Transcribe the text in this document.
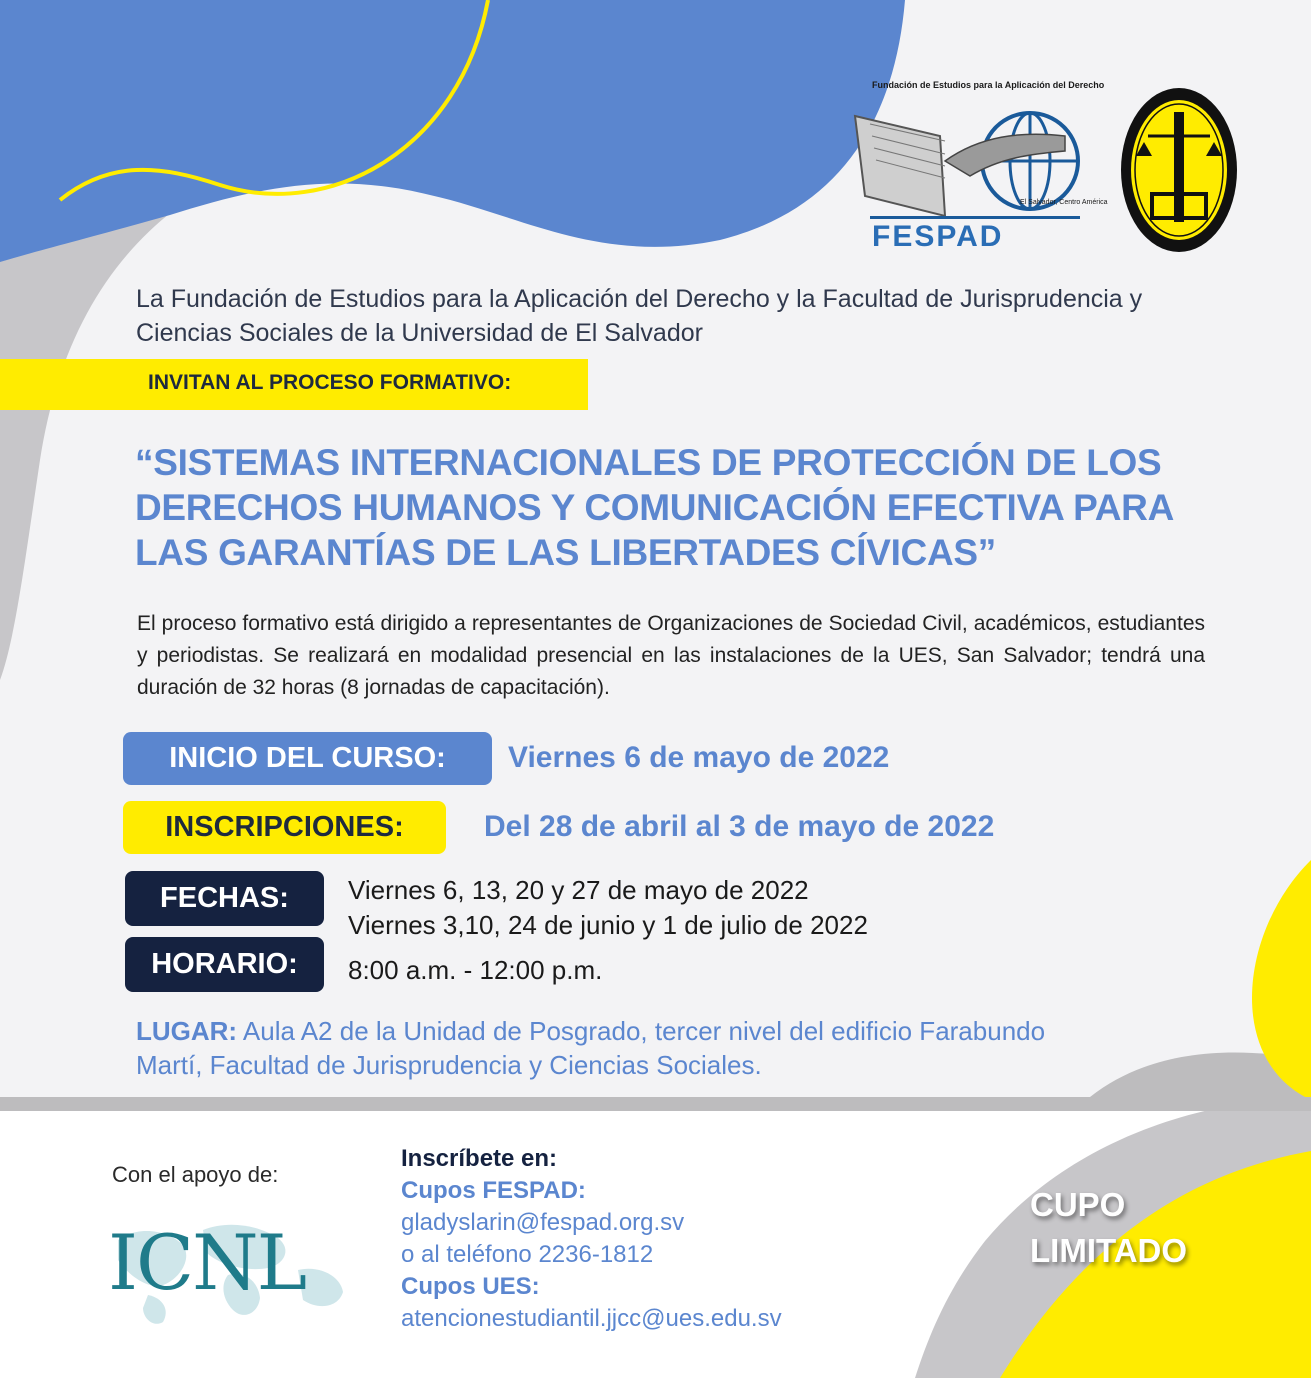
Fundación de Estudios para la Aplicación del Derecho
El Salvador, Centro América
FESPAD
JUSTICIA
La Fundación de Estudios para la Aplicación del Derecho y la Facultad de Jurisprudencia y Ciencias Sociales de la Universidad de El Salvador
INVITAN AL PROCESO FORMATIVO:
“SISTEMAS INTERNACIONALES DE PROTECCIÓN DE LOS DERECHOS HUMANOS Y COMUNICACIÓN EFECTIVA PARA LAS GARANTÍAS DE LAS LIBERTADES CÍVICAS”
El proceso formativo está dirigido a representantes de Organizaciones de Sociedad Civil, académicos, estudiantes y periodistas. Se realizará en modalidad presencial en las instalaciones de la UES, San Salvador; tendrá una duración de 32 horas (8 jornadas de capacitación).
INICIO DEL CURSO:	Viernes 6 de mayo de 2022
INSCRIPCIONES:	Del 28 de abril al 3 de mayo de 2022
FECHAS:	Viernes 6, 13, 20 y 27 de mayo de 2022
Viernes 3,10, 24 de junio y 1 de julio de 2022
HORARIO:	8:00 a.m. - 12:00 p.m.
LUGAR: Aula A2 de la Unidad de Posgrado, tercer nivel del edificio Farabundo Martí, Facultad de Jurisprudencia y Ciencias Sociales.
Con el apoyo de:
ICNL
Inscríbete en:
Cupos FESPAD:
gladyslarin@fespad.org.sv
o al teléfono 2236-1812
Cupos UES:
atencionestudiantil.jjcc@ues.edu.sv
CUPO
LIMITADO
